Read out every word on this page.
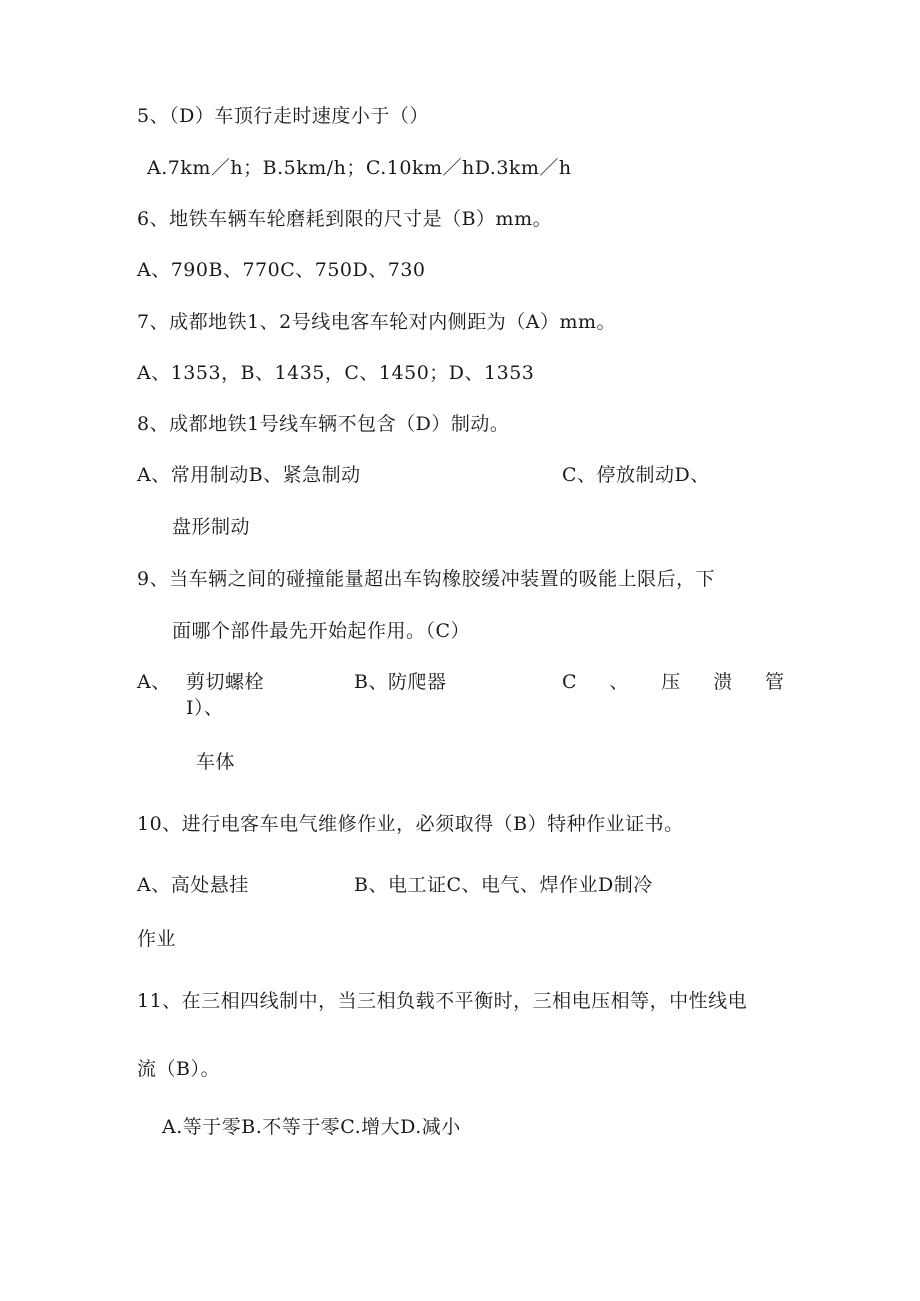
5、（D）车顶行走时速度小于（）
A.7km／h；B.5km/h；C.10km／hD.3km／h
6、地铁车辆车轮磨耗到限的尺寸是（B）mm。
A、790B、770C、750D、730
7、成都地铁1、2号线电客车轮对内侧距为（A）mm。
A、1353，B、1435，C、1450；D、1353
8、成都地铁1号线车辆不包含（D）制动。
A、常用制动B、紧急制动	C、停放制动D、
盘形制动
9、当车辆之间的碰撞能量超出车钩橡胶缓冲装置的吸能上限后，下
面哪个部件最先开始起作用。（C）
A、 剪切螺栓	B、防爬器	C 、 压 溃 管
I）、
车体
10、进行电客车电气维修作业，必须取得（B）特种作业证书。
A、高处悬挂	B、电工证C、电气、焊作业D制冷
作业
11、在三相四线制中，当三相负载不平衡时，三相电压相等，中性线电
流（B）。
A.等于零B.不等于零C.增大D.减小
